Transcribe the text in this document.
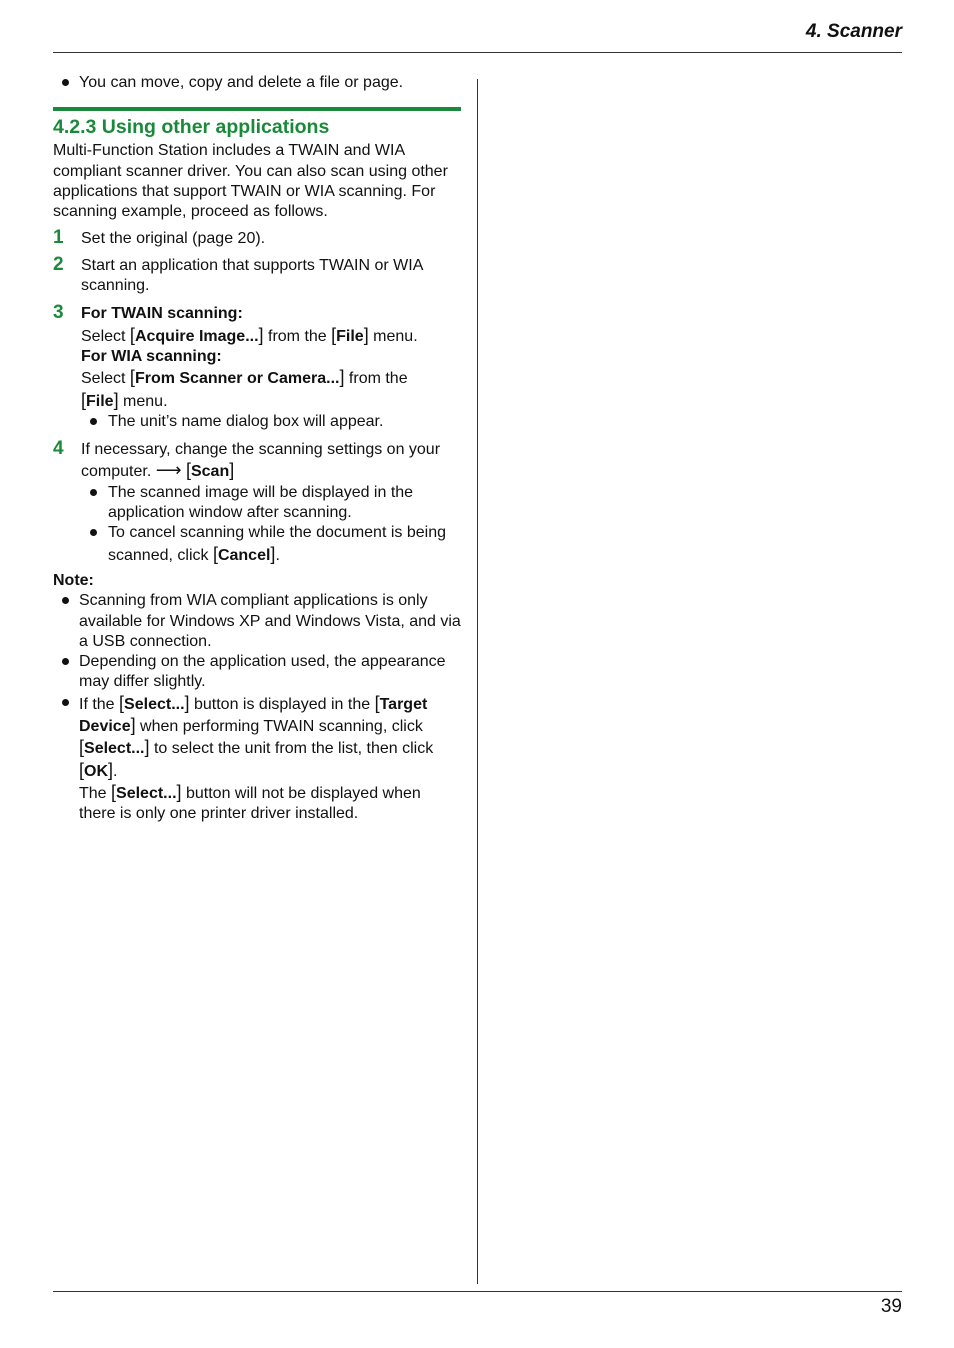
4. Scanner

You can move, copy and delete a file or page.

4.2.3 Using other applications

Multi-Function Station includes a TWAIN and WIA compliant scanner driver. You can also scan using other applications that support TWAIN or WIA scanning. For scanning example, proceed as follows.

1 Set the original (page 20).

2 Start an application that supports TWAIN or WIA scanning.

3 For TWAIN scanning:

Select [Acquire Image...] from the [File] menu.

For WIA scanning:

Select [From Scanner or Camera...] from the
[File] menu.

The unit’s name dialog box will appear.

4 If necessary, change the scanning settings on your computer. ⟶ [Scan]

The scanned image will be displayed in the application window after scanning.

To cancel scanning while the document is being scanned, click [Cancel].

Note:

Scanning from WIA compliant applications is only available for Windows XP and Windows Vista, and via a USB connection.

Depending on the application used, the appearance may differ slightly.

If the [Select...] button is displayed in the [Target Device] when performing TWAIN scanning, click [Select...] to select the unit from the list, then click [OK].

The [Select...] button will not be displayed when there is only one printer driver installed.

39
